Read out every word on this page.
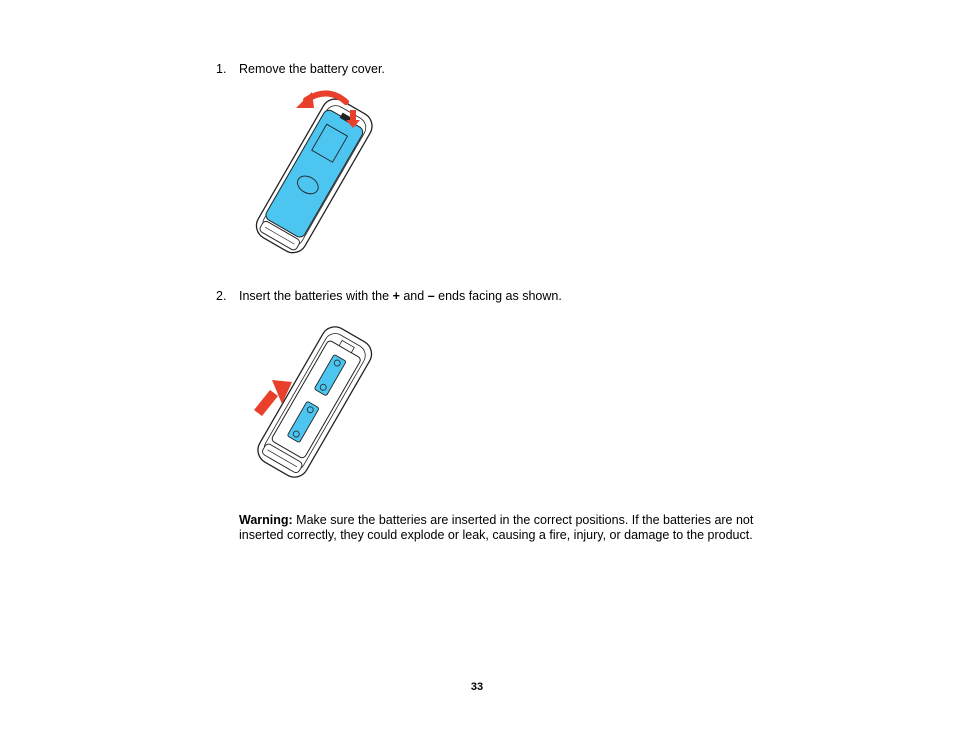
1. Remove the battery cover.
2. Insert the batteries with the + and – ends facing as shown.
Warning: Make sure the batteries are inserted in the correct positions. If the batteries are not inserted correctly, they could explode or leak, causing a fire, injury, or damage to the product.
33
